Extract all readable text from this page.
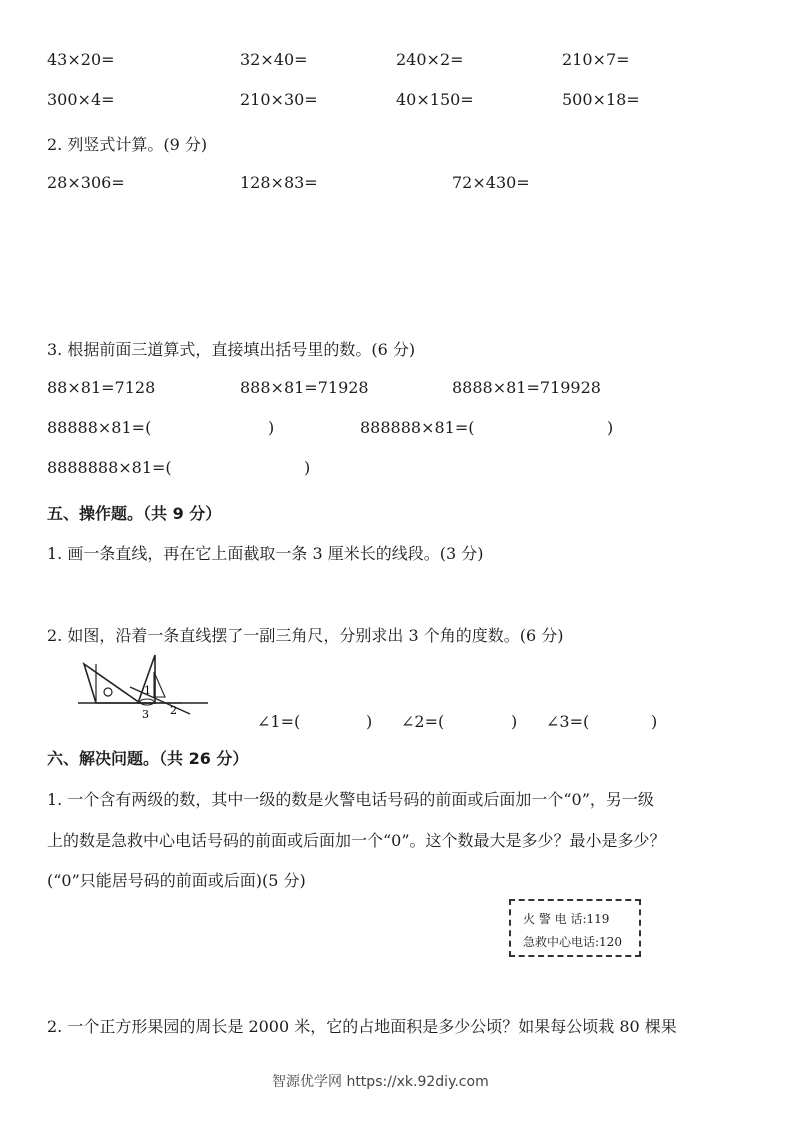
43×20=	32×40=	240×2=	210×7=
300×4=	210×30=	40×150=	500×18=
2. 列竖式计算。(9 分)
28×306=	128×83=	72×430=
3. 根据前面三道算式，直接填出括号里的数。(6 分)
88×81=7128	888×81=71928	8888×81=719928
88888×81=(	)	888888×81=(	)
8888888×81=(	)
五、操作题。（共 9 分）
1. 画一条直线，再在它上面截取一条 3 厘米长的线段。(3 分)
2. 如图，沿着一条直线摆了一副三角尺，分别求出 3 个角的度数。(6 分)
1
2
3	∠1=(	) ∠2=(	) ∠3=(	)
六、解决问题。（共 26 分）
1. 一个含有两级的数，其中一级的数是火警电话号码的前面或后面加一个“0”，另一级
上的数是急救中心电话号码的前面或后面加一个“0”。这个数最大是多少？最小是多少？
(“0”只能居号码的前面或后面)(5 分)
火 警 电 话:119
急救中心电话:120
2. 一个正方形果园的周长是 2000 米，它的占地面积是多少公顷？如果每公顷栽 80 棵果
智源优学网 https://xk.92diy.com
